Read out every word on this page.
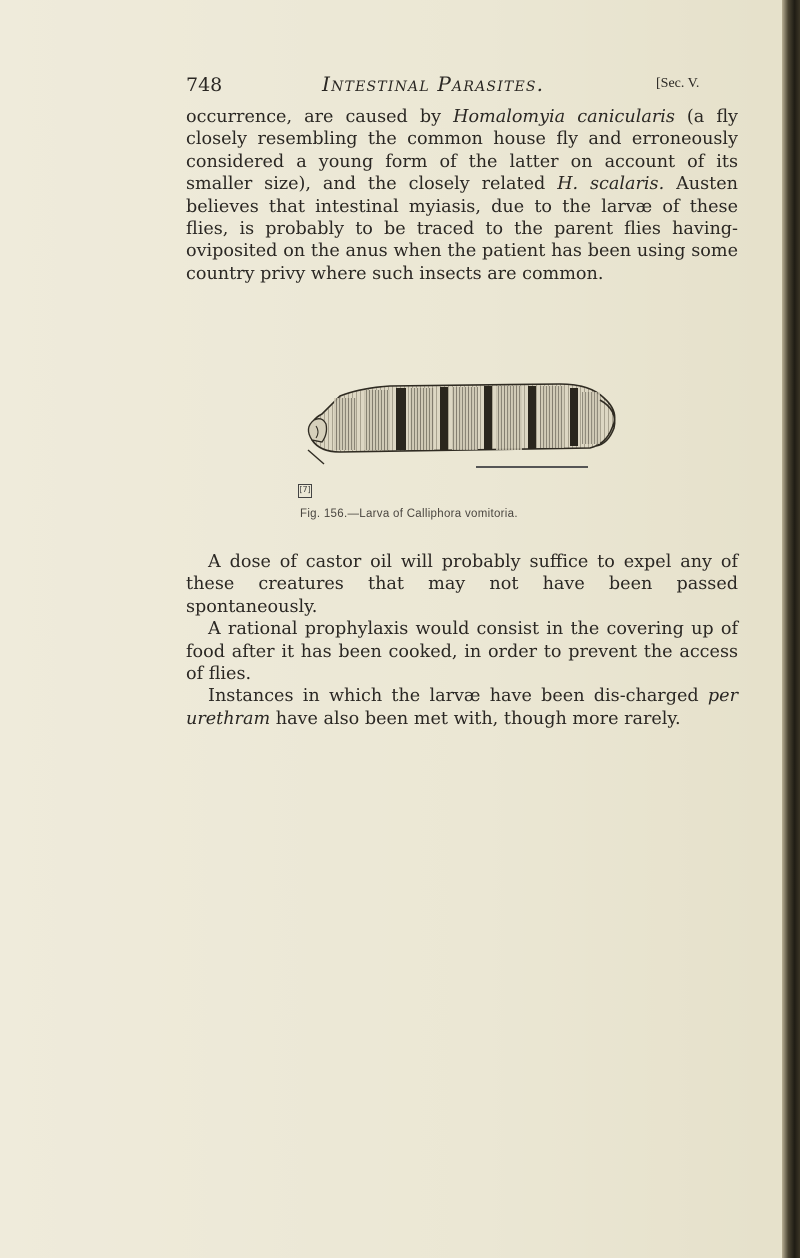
748	Intestinal Parasites.	[Sec. V.

occurrence, are caused by Homalomyia canicularis (a fly closely resembling the common house fly and erroneously considered a young form of the latter on account of its smaller size), and the closely related H. scalaris. Austen believes that intestinal myiasis, due to the larvæ of these flies, is probably to be traced to the parent flies having-oviposited on the anus when the patient has been using some country privy where such insects are common.

[7]
Fig. 156.—Larva of Calliphora vomitoria.

A dose of castor oil will probably suffice to expel any of these creatures that may not have been passed spontaneously.

A rational prophylaxis would consist in the covering up of food after it has been cooked, in order to prevent the access of flies.

Instances in which the larvæ have been dis-charged per urethram have also been met with, though more rarely.
